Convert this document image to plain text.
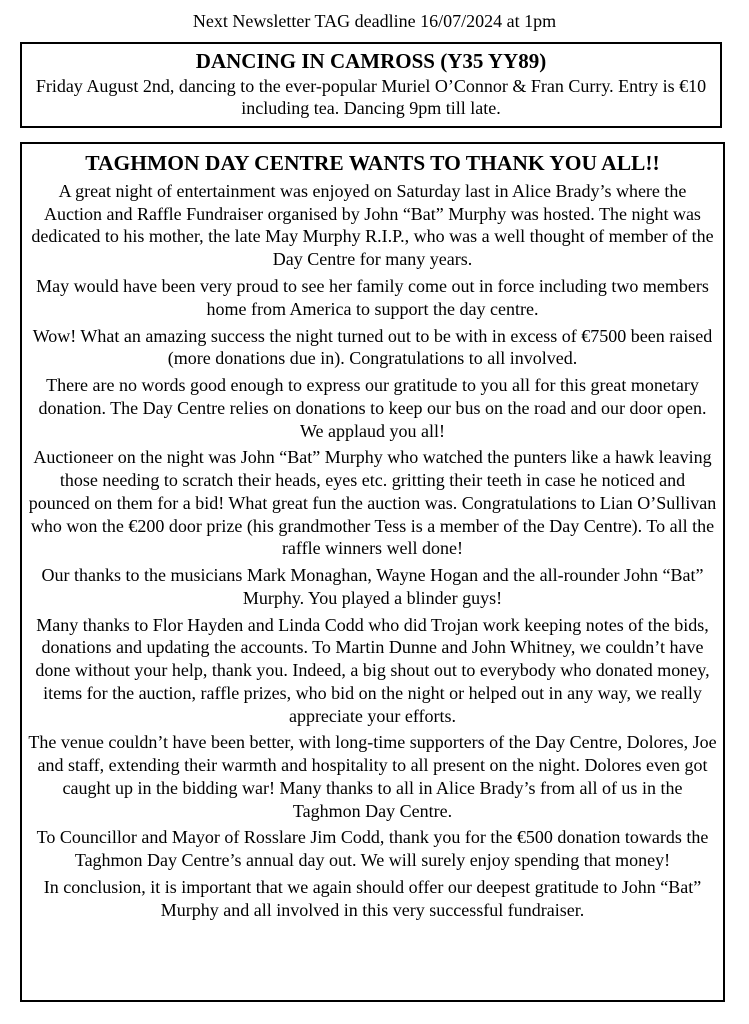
Next Newsletter TAG deadline 16/07/2024 at 1pm
DANCING IN CAMROSS (Y35 YY89)

Friday August 2nd, dancing to the ever-popular Muriel O’Connor & Fran Curry. Entry is €10 including tea. Dancing 9pm till late.

TAGHMON DAY CENTRE WANTS TO THANK YOU ALL!!

A great night of entertainment was enjoyed on Saturday last in Alice Brady’s where the Auction and Raffle Fundraiser organised by John “Bat” Murphy was hosted. The night was dedicated to his mother, the late May Murphy R.I.P., who was a well thought of member of the Day Centre for many years.

May would have been very proud to see her family come out in force including two members home from America to support the day centre.

Wow! What an amazing success the night turned out to be with in excess of €7500 been raised (more donations due in). Congratulations to all involved.

There are no words good enough to express our gratitude to you all for this great monetary donation. The Day Centre relies on donations to keep our bus on the road and our door open. We applaud you all!

Auctioneer on the night was John “Bat” Murphy who watched the punters like a hawk leaving those needing to scratch their heads, eyes etc. gritting their teeth in case he noticed and pounced on them for a bid! What great fun the auction was. Congratulations to Lian O’Sullivan who won the €200 door prize (his grandmother Tess is a member of the Day Centre). To all the raffle winners well done!

Our thanks to the musicians Mark Monaghan, Wayne Hogan and the all-rounder John “Bat” Murphy. You played a blinder guys!

Many thanks to Flor Hayden and Linda Codd who did Trojan work keeping notes of the bids, donations and updating the accounts. To Martin Dunne and John Whitney, we couldn’t have done without your help, thank you. Indeed, a big shout out to everybody who donated money, items for the auction, raffle prizes, who bid on the night or helped out in any way, we really appreciate your efforts.

The venue couldn’t have been better, with long-time supporters of the Day Centre, Dolores, Joe and staff, extending their warmth and hospitality to all present on the night. Dolores even got caught up in the bidding war! Many thanks to all in Alice Brady’s from all of us in the Taghmon Day Centre.

To Councillor and Mayor of Rosslare Jim Codd, thank you for the €500 donation towards the Taghmon Day Centre’s annual day out. We will surely enjoy spending that money!

In conclusion, it is important that we again should offer our deepest gratitude to John “Bat” Murphy and all involved in this very successful fundraiser.
